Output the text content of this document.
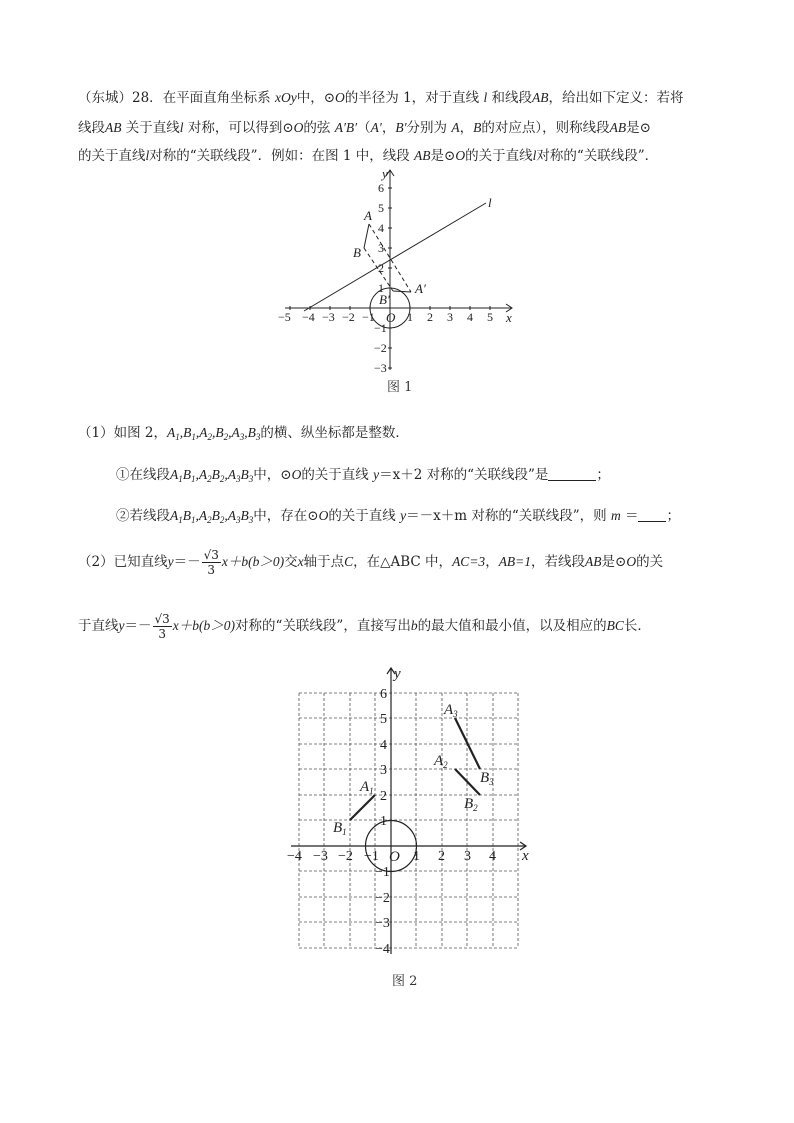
（东城）28．在平面直角坐标系 xOy中，⊙O的半径为 1，对于直线 l 和线段AB，给出如下定义：若将
线段AB 关于直线l 对称，可以得到⊙O的弦 A′B′（A′，B′分别为 A，B的对应点），则称线段AB是⊙
的关于直线l对称的“关联线段”．例如：在图 1 中，线段 AB是⊙O的关于直线l对称的“关联线段”．
−5 −4 −3 −2 −1	1 2 3 4 5
6
5
4
3
2
1
−1
−2
−3
O	x
y
l
A
B
A′
B′
图 1
（1）如图 2，$A_1,B_1,A_2,B_2,A_3,B_3$的横、纵坐标都是整数．
①在线段$A_1B_1,A_2B_2,A_3B_3$中，⊙O的关于直线 y＝x＋2 对称的“关联线段”是	；
②若线段$A_1B_1,A_2B_2,A_3B_3$中，存在⊙O的关于直线 y＝－x＋m 对称的“关联线段”，则 m ＝ ；
（2）已知直线$y=- \frac{√3}{3} x+b(b>0)$交x轴于点C，在△ABC 中，AC=3，AB=1，若线段AB是⊙O的关
于直线$y=- \frac{√3}{3} x+b(b>0)$对称的“关联线段”，直接写出b的最大值和最小值，以及相应的BC长．
−4 −3 −2 −1 1 2 3 4
6
5
4
3
2
1
−1
−2
−3
−4
O	x
y
$A_1$
$B_1$
$A_2$
$B_2$
$A_3$
$B_3$
图 2
